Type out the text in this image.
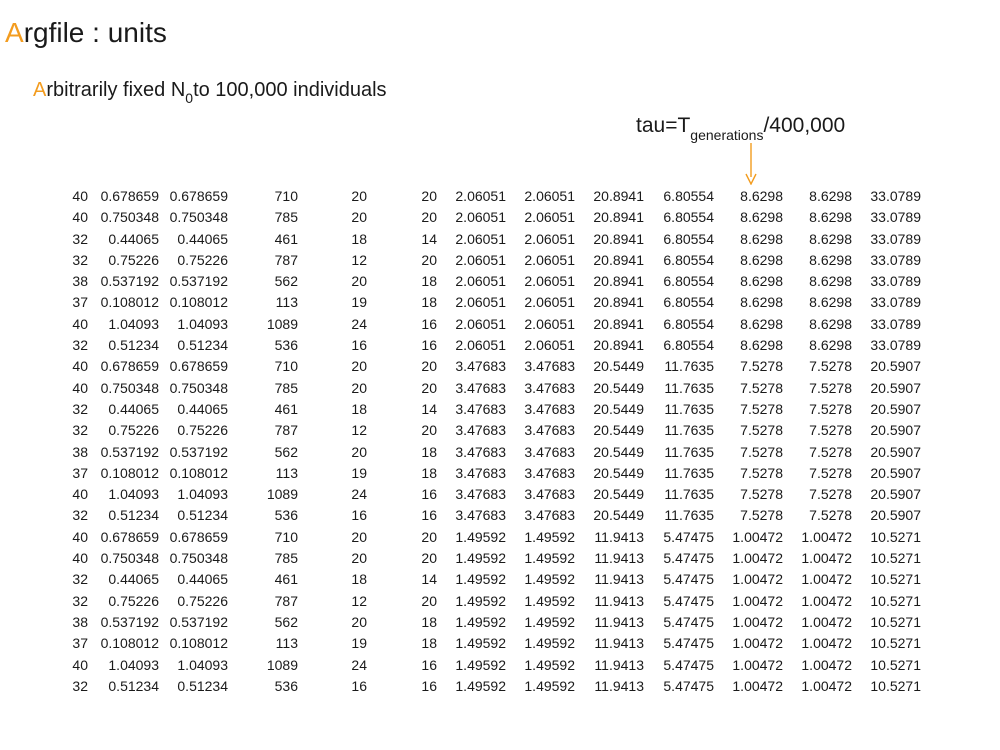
Argfile : units
Arbitrarily fixed $N_0to$ 100,000 individuals
$tau=T_{generations}/400,000$
40	0.678659	0.678659	710	20	20	2.06051	2.06051	20.8941	6.80554	8.6298	8.6298	33.0789
40	0.750348	0.750348	785	20	20	2.06051	2.06051	20.8941	6.80554	8.6298	8.6298	33.0789
32	0.44065	0.44065	461	18	14	2.06051	2.06051	20.8941	6.80554	8.6298	8.6298	33.0789
32	0.75226	0.75226	787	12	20	2.06051	2.06051	20.8941	6.80554	8.6298	8.6298	33.0789
38	0.537192	0.537192	562	20	18	2.06051	2.06051	20.8941	6.80554	8.6298	8.6298	33.0789
37	0.108012	0.108012	113	19	18	2.06051	2.06051	20.8941	6.80554	8.6298	8.6298	33.0789
40	1.04093	1.04093	1089	24	16	2.06051	2.06051	20.8941	6.80554	8.6298	8.6298	33.0789
32	0.51234	0.51234	536	16	16	2.06051	2.06051	20.8941	6.80554	8.6298	8.6298	33.0789
40	0.678659	0.678659	710	20	20	3.47683	3.47683	20.5449	11.7635	7.5278	7.5278	20.5907
40	0.750348	0.750348	785	20	20	3.47683	3.47683	20.5449	11.7635	7.5278	7.5278	20.5907
32	0.44065	0.44065	461	18	14	3.47683	3.47683	20.5449	11.7635	7.5278	7.5278	20.5907
32	0.75226	0.75226	787	12	20	3.47683	3.47683	20.5449	11.7635	7.5278	7.5278	20.5907
38	0.537192	0.537192	562	20	18	3.47683	3.47683	20.5449	11.7635	7.5278	7.5278	20.5907
37	0.108012	0.108012	113	19	18	3.47683	3.47683	20.5449	11.7635	7.5278	7.5278	20.5907
40	1.04093	1.04093	1089	24	16	3.47683	3.47683	20.5449	11.7635	7.5278	7.5278	20.5907
32	0.51234	0.51234	536	16	16	3.47683	3.47683	20.5449	11.7635	7.5278	7.5278	20.5907
40	0.678659	0.678659	710	20	20	1.49592	1.49592	11.9413	5.47475	1.00472	1.00472	10.5271
40	0.750348	0.750348	785	20	20	1.49592	1.49592	11.9413	5.47475	1.00472	1.00472	10.5271
32	0.44065	0.44065	461	18	14	1.49592	1.49592	11.9413	5.47475	1.00472	1.00472	10.5271
32	0.75226	0.75226	787	12	20	1.49592	1.49592	11.9413	5.47475	1.00472	1.00472	10.5271
38	0.537192	0.537192	562	20	18	1.49592	1.49592	11.9413	5.47475	1.00472	1.00472	10.5271
37	0.108012	0.108012	113	19	18	1.49592	1.49592	11.9413	5.47475	1.00472	1.00472	10.5271
40	1.04093	1.04093	1089	24	16	1.49592	1.49592	11.9413	5.47475	1.00472	1.00472	10.5271
32	0.51234	0.51234	536	16	16	1.49592	1.49592	11.9413	5.47475	1.00472	1.00472	10.5271
